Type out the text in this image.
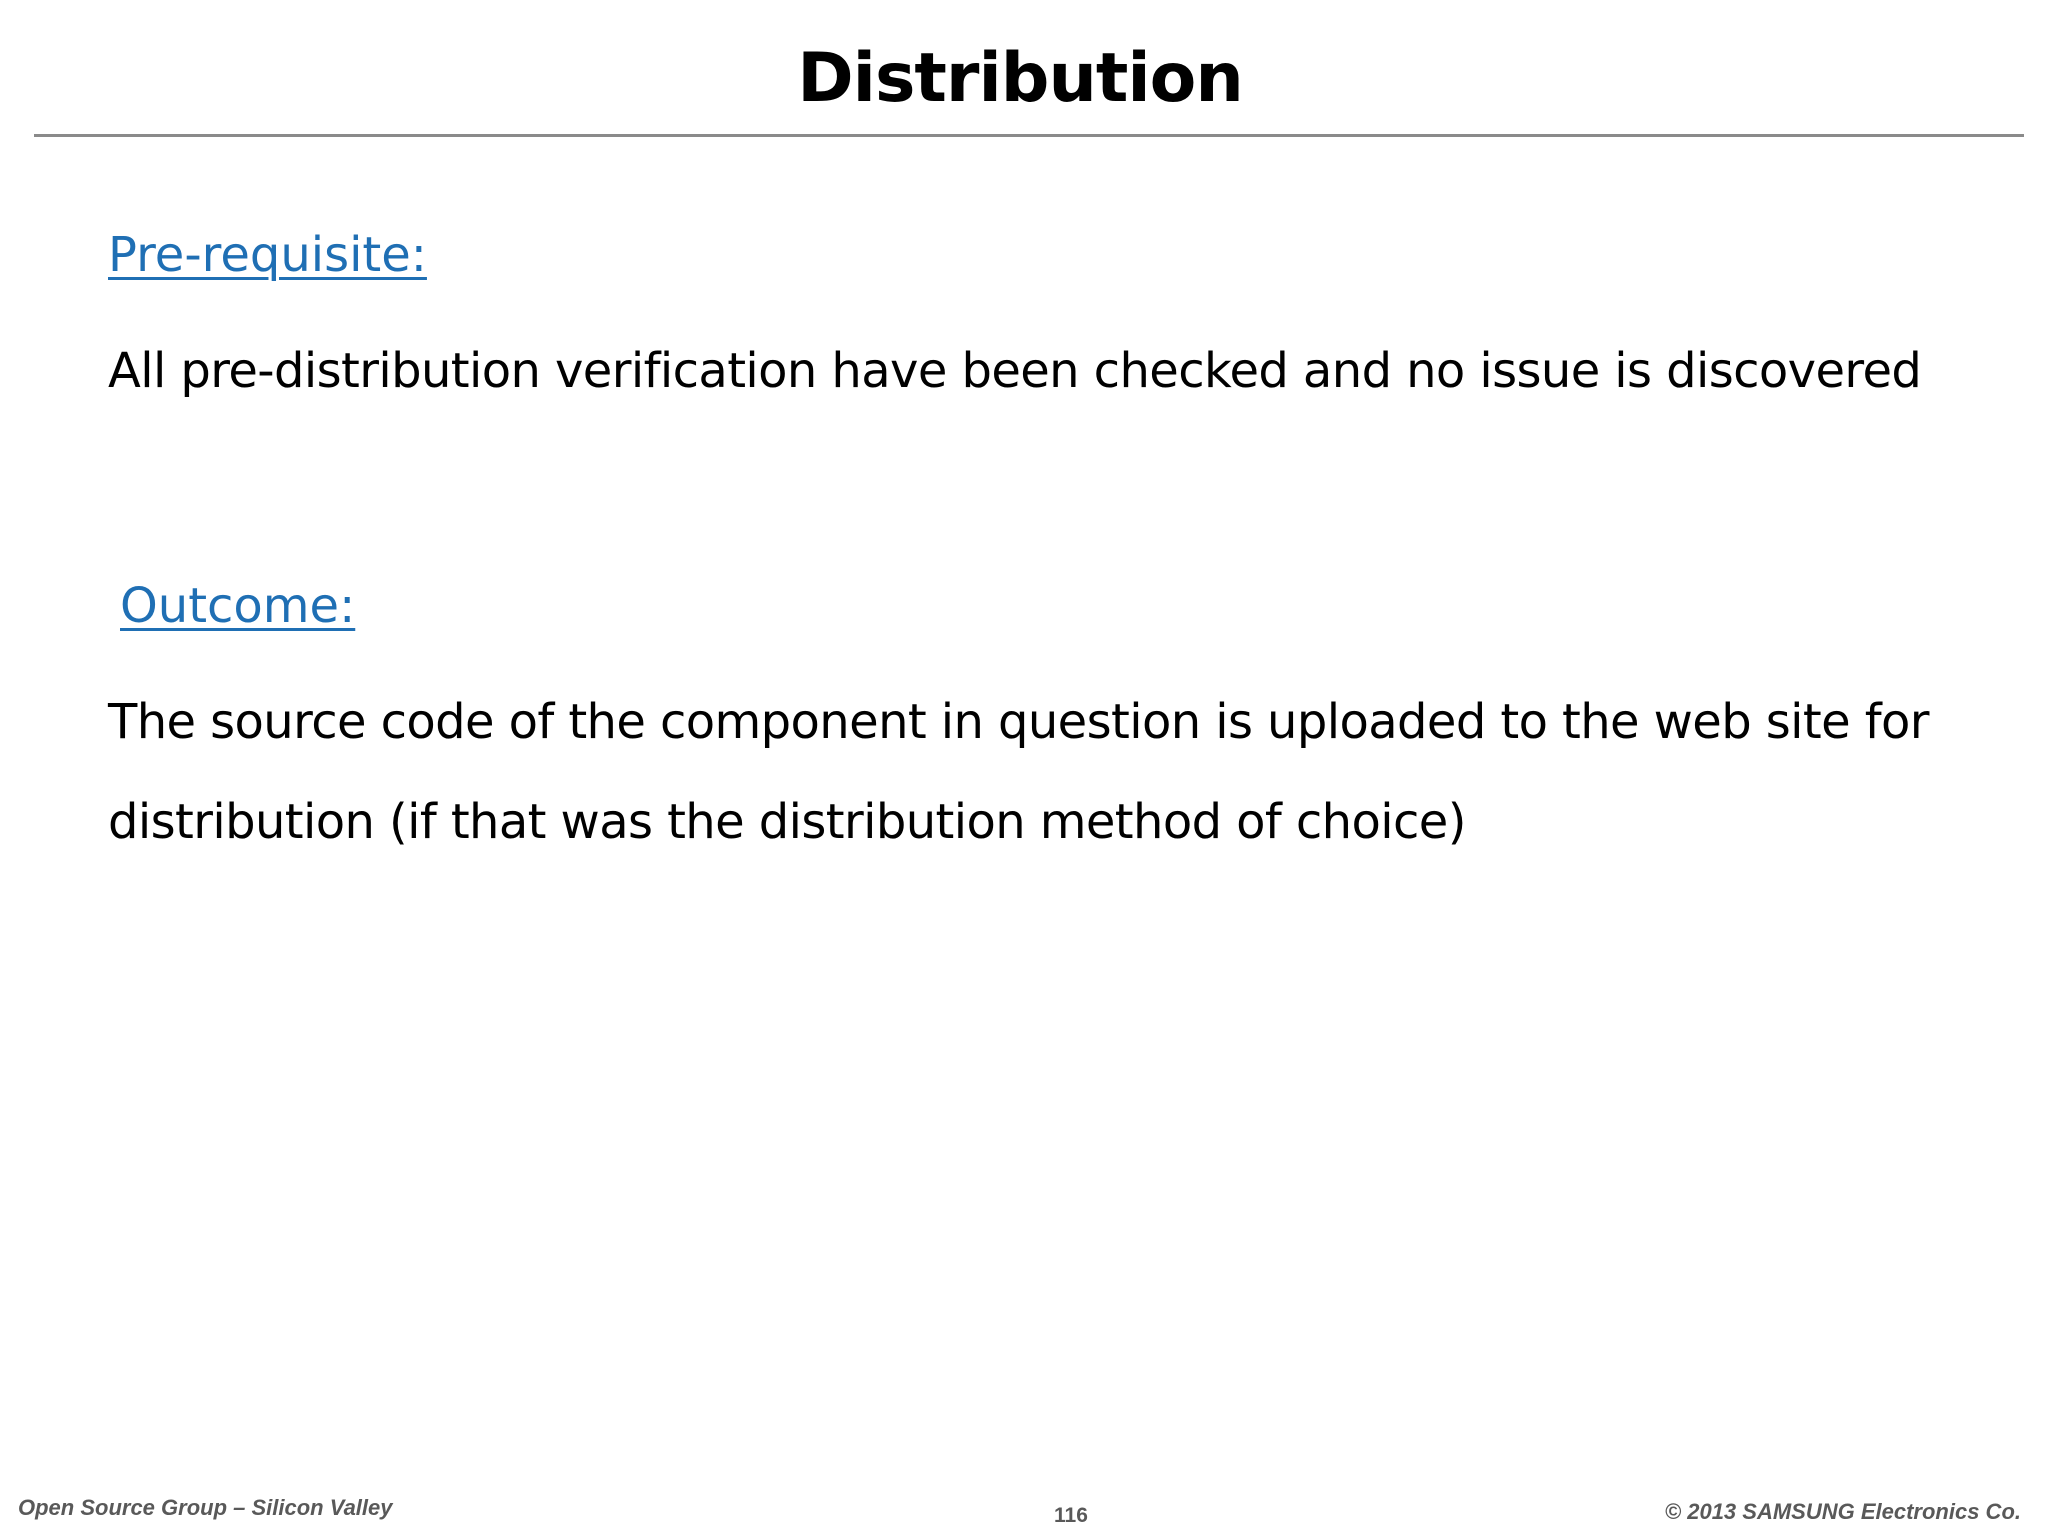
Distribution
Pre-requisite:

All pre-distribution verification have been checked and no issue is discovered

Outcome:

The source code of the component in question is uploaded to the web site for

distribution (if that was the distribution method of choice)

Open Source Group – Silicon Valley	116	© 2013 SAMSUNG Electronics Co.
